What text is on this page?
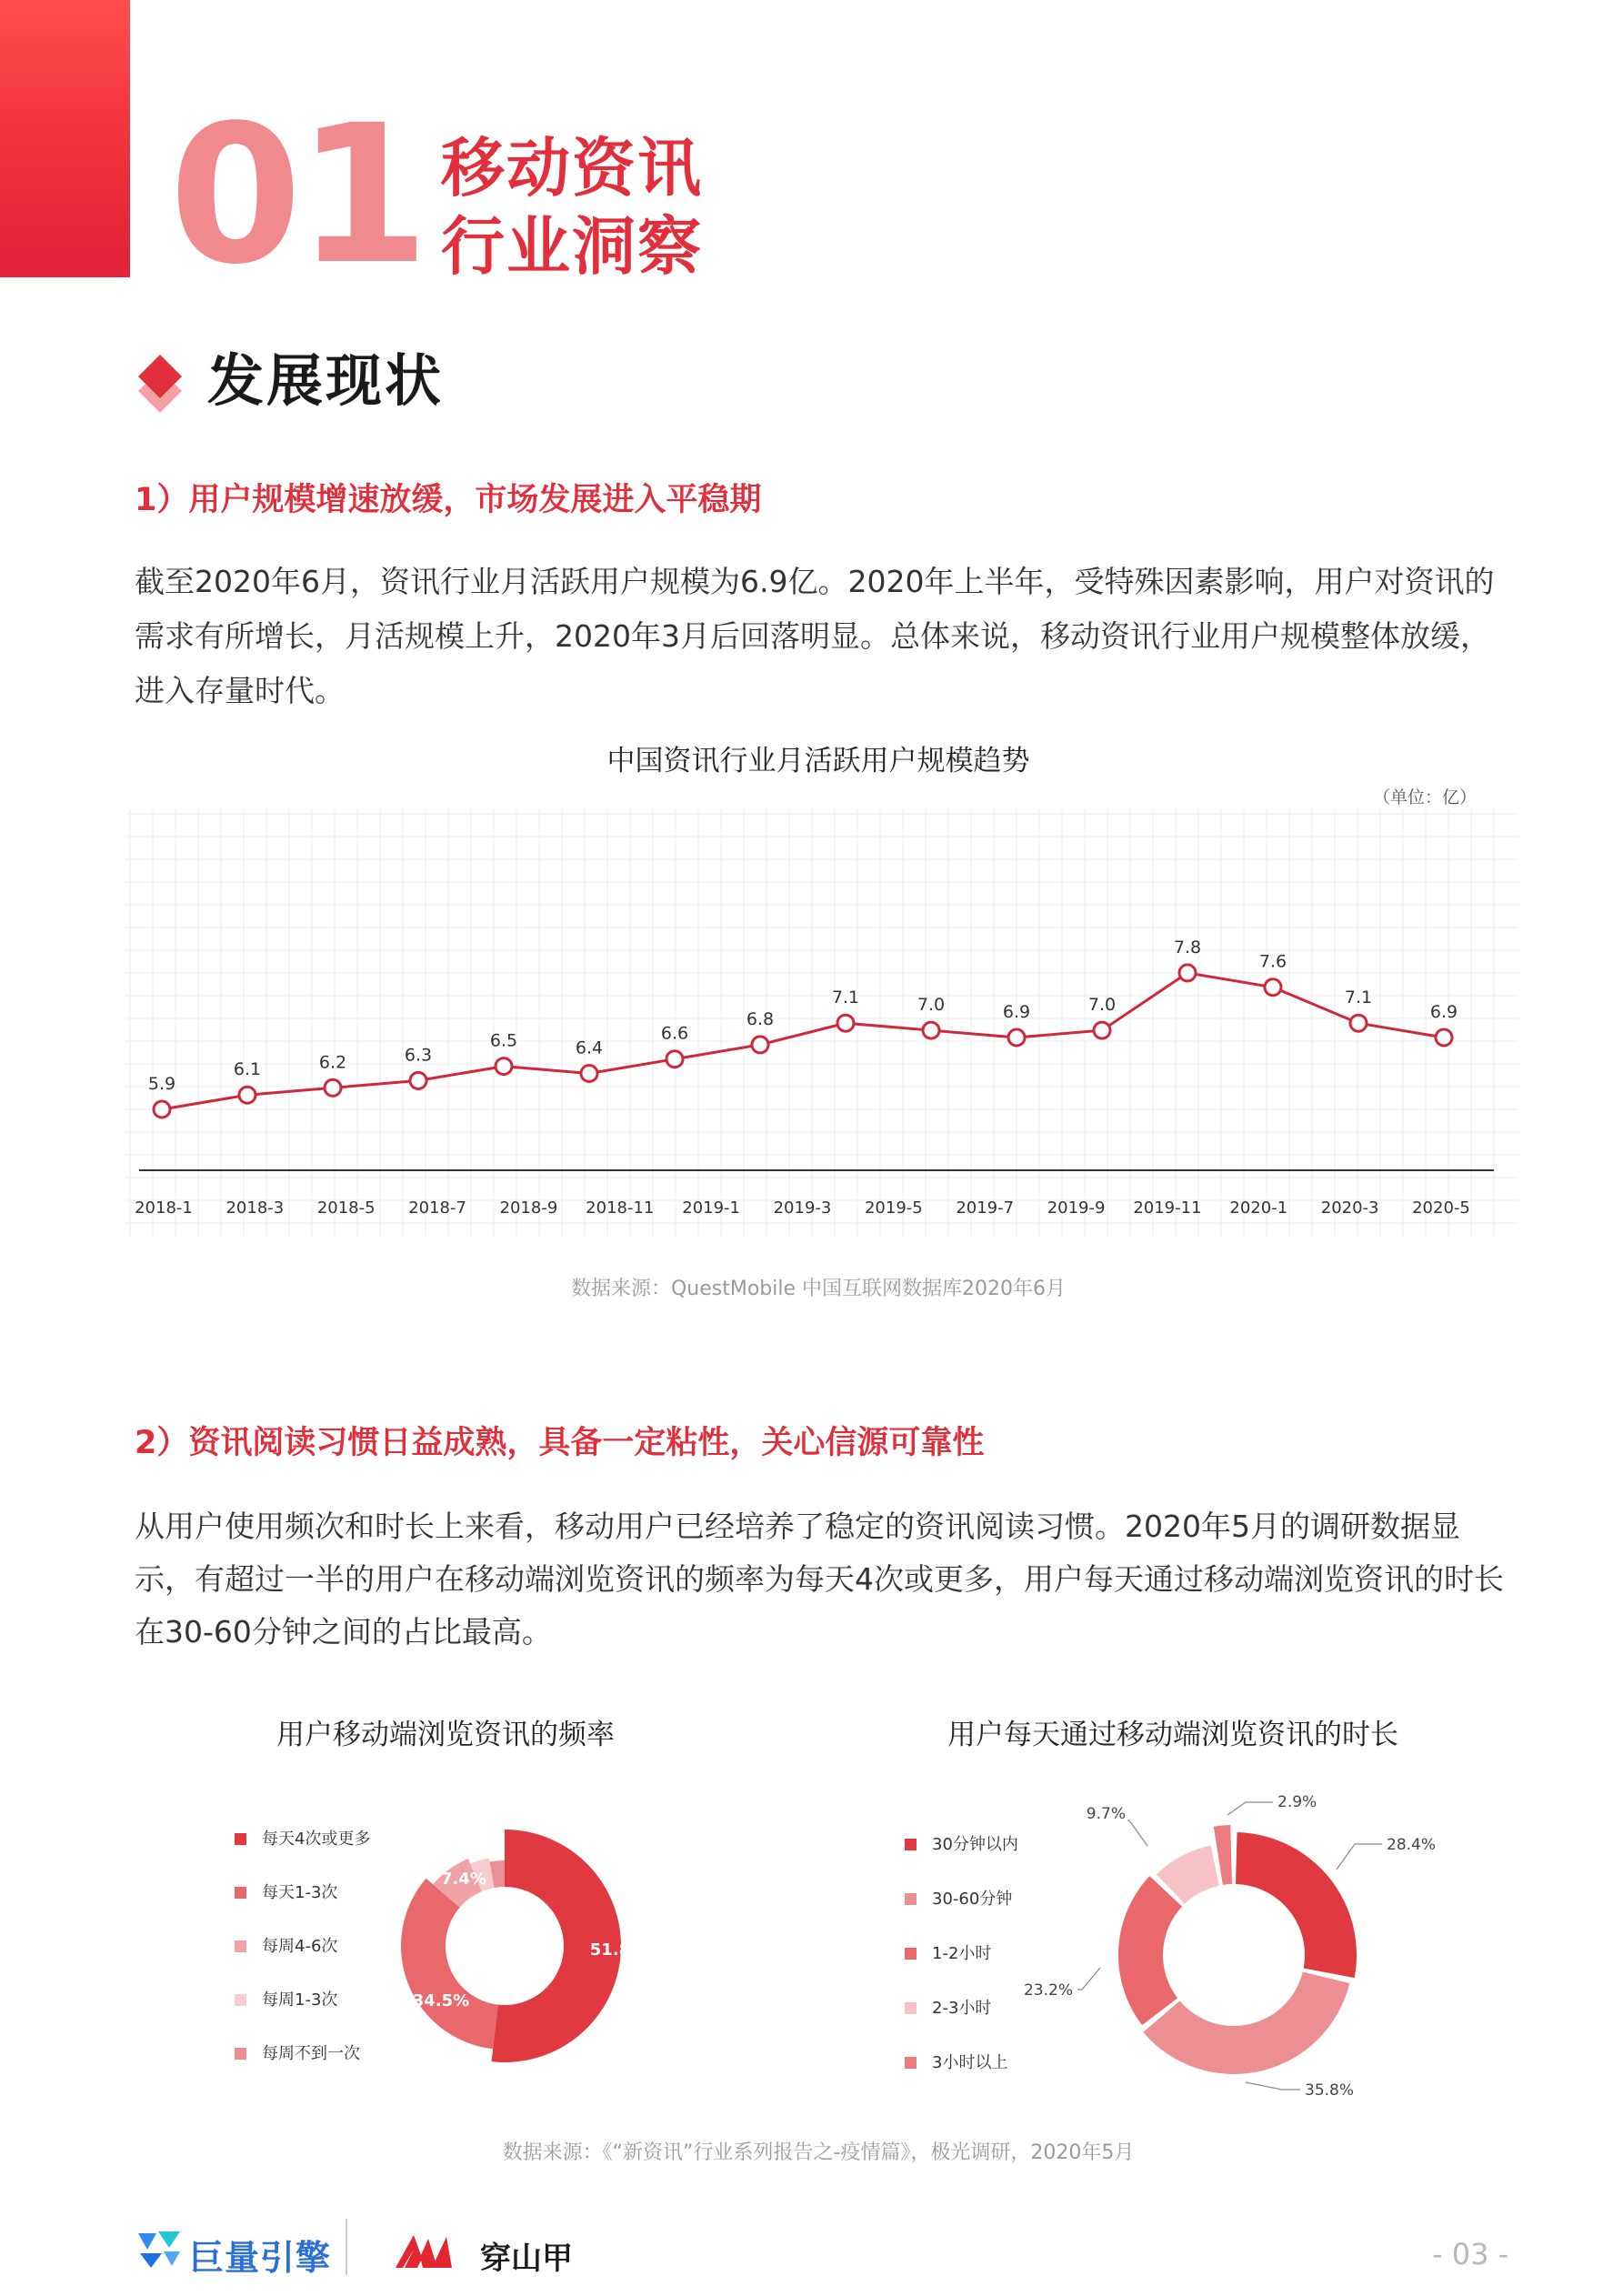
01 移动资讯
行业洞察
发展现状
1）用户规模增速放缓，市场发展进入平稳期
截至2020年6月，资讯行业月活跃用户规模为6.9亿。2020年上半年，受特殊因素影响，用户对资讯的需求有所增长，月活规模上升，2020年3月后回落明显。总体来说，移动资讯行业用户规模整体放缓，进入存量时代。
中国资讯行业月活跃用户规模趋势
（单位：亿）
5.9
6.1	6.2	6.3
6.5	6.4
6.6
6.8
7.1	7.0	6.9	7.0
7.8
7.6
7.1
6.9
2018-1 2018-3 2018-5 2018-7 2018-9 2018-11 2019-1 2019-3 2019-5 2019-7 2019-9 2019-11 2020-1 2020-3 2020-5
数据来源：QuestMobile 中国互联网数据库2020年6月
2）资讯阅读习惯日益成熟，具备一定粘性，关心信源可靠性
从用户使用频次和时长上来看，移动用户已经培养了稳定的资讯阅读习惯。2020年5月的调研数据显示，有超过一半的用户在移动端浏览资讯的频率为每天4次或更多，用户每天通过移动端浏览资讯的时长在30-60分钟之间的占比最高。
用户移动端浏览资讯的频率	用户每天通过移动端浏览资讯的时长
每天4次或更多
每天1-3次
每周4-6次
每周1-3次
每周不到一次
51.8%
34.5%
7.4%
30分钟以内
30-60分钟
1-2小时
2-3小时
3小时以上
28.4%
35.8%
23.2%
9.7%
2.9%
数据来源：《“新资讯”行业系列报告之-疫情篇》，极光调研，2020年5月
巨量引擎	穿山甲	- 03 -
